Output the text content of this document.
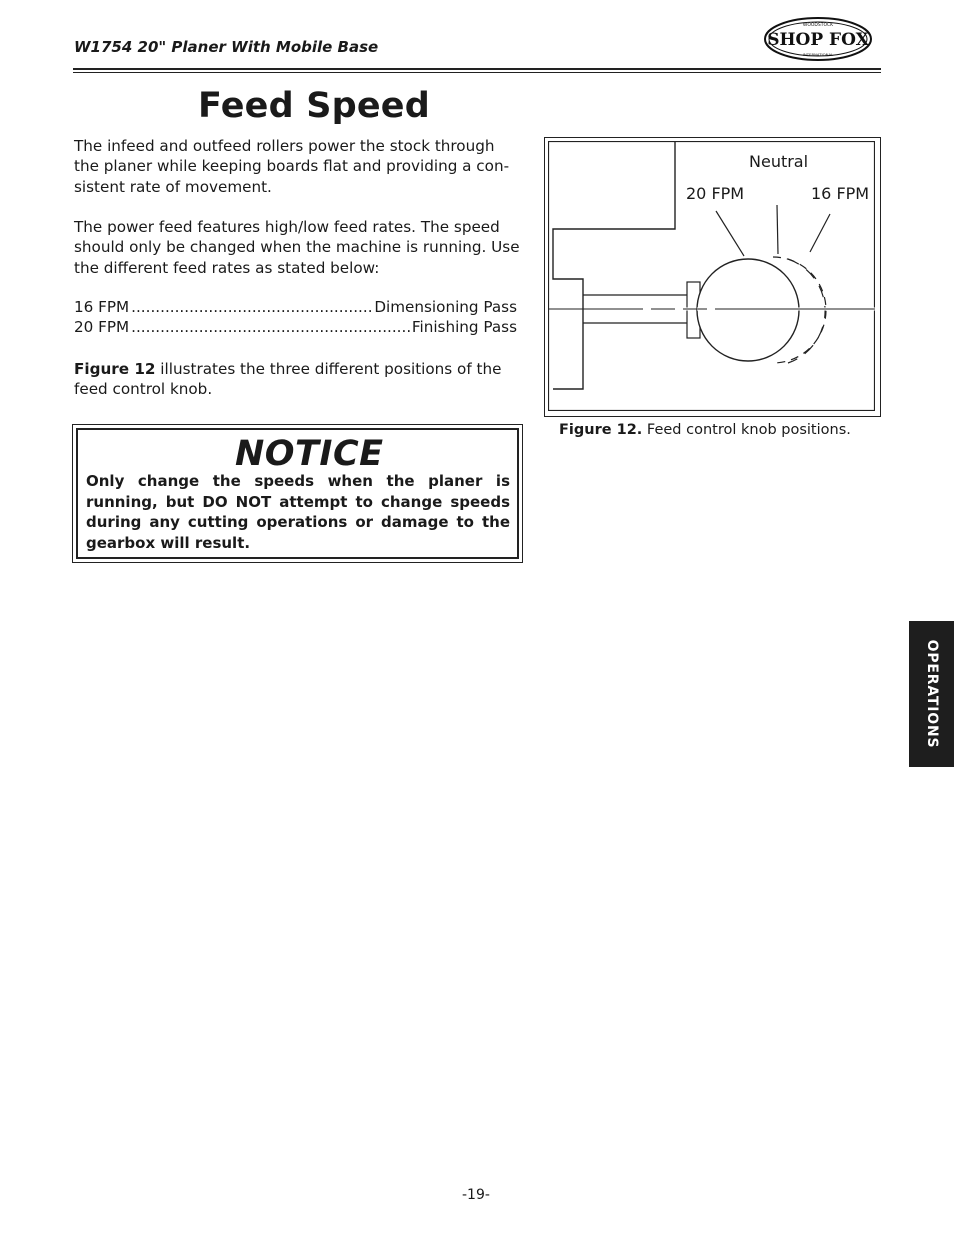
W1754 20" Planer With Mobile Base	SHOP FOX
WOODSTOCK
INTERNATIONAL
Feed Speed

The infeed and outfeed rollers power the stock through the planer while keeping boards flat and providing a con-sistent rate of movement.

The power feed features high/low feed rates. The speed should only be changed when the machine is running. Use the different feed rates as stated below:

16 FPM .....	Dimensioning Pass
20 FPM .....	Finishing Pass

Figure 12 illustrates the three different positions of the feed control knob.

NOTICE

Only change the speeds when the planer is running, but DO NOT attempt to change speeds during any cutting operations or damage to the gearbox will result.

Neutral
20 FPM	16 FPM
Figure 12. Feed control knob positions.
OPERATIONS
-19-
